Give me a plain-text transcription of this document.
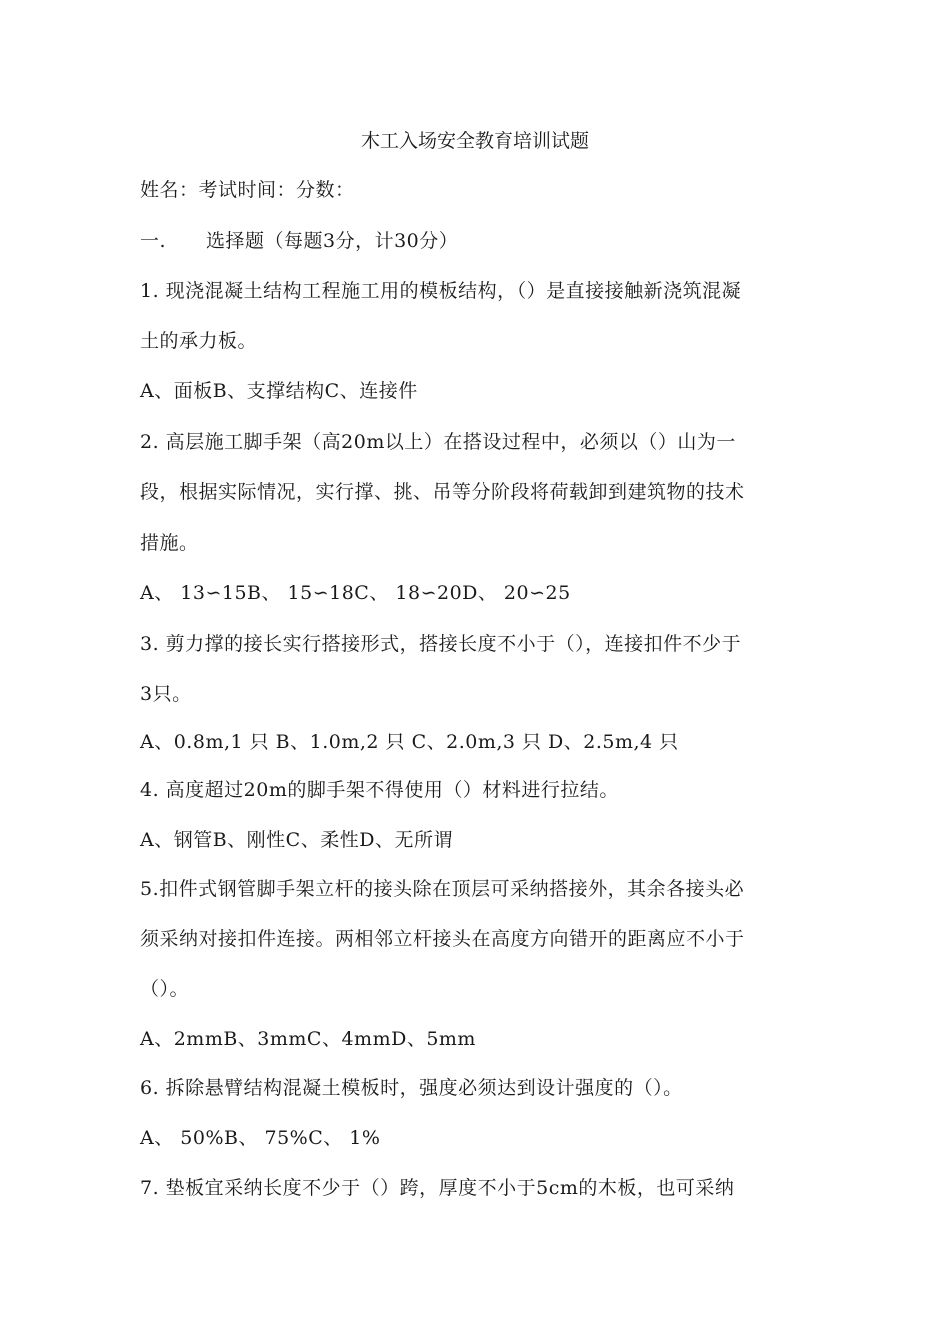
木工入场安全教育培训试题
姓名：考试时间：分数：
一. 选择题（每题3分，计30分）
1. 现浇混凝土结构工程施工用的模板结构，（）是直接接触新浇筑混凝
土的承力板。
A、面板B、支撑结构C、连接件
2. 高层施工脚手架（高20m以上）在搭设过程中，必须以（）山为一
段，根据实际情况，实行撑、挑、吊等分阶段将荷载卸到建筑物的技术
措施。
A、 13∽15B、 15∽18C、 18∽20D、 20∽25
3. 剪力撑的接长实行搭接形式，搭接长度不小于（），连接扣件不少于
3只。
A、0.8m,1 只 B、1.0m,2 只 C、2.0m,3 只 D、2.5m,4 只
4. 高度超过20m的脚手架不得使用（）材料进行拉结。
A、钢管B、刚性C、柔性D、无所谓
5.扣件式钢管脚手架立杆的接头除在顶层可采纳搭接外，其余各接头必
须采纳对接扣件连接。两相邻立杆接头在高度方向错开的距离应不小于
（）。
A、2mmB、3mmC、4mmD、5mm
6. 拆除悬臂结构混凝土模板时，强度必须达到设计强度的（）。
A、 50%B、 75%C、 1%
7. 垫板宜采纳长度不少于（）跨，厚度不小于5cm的木板，也可采纳
